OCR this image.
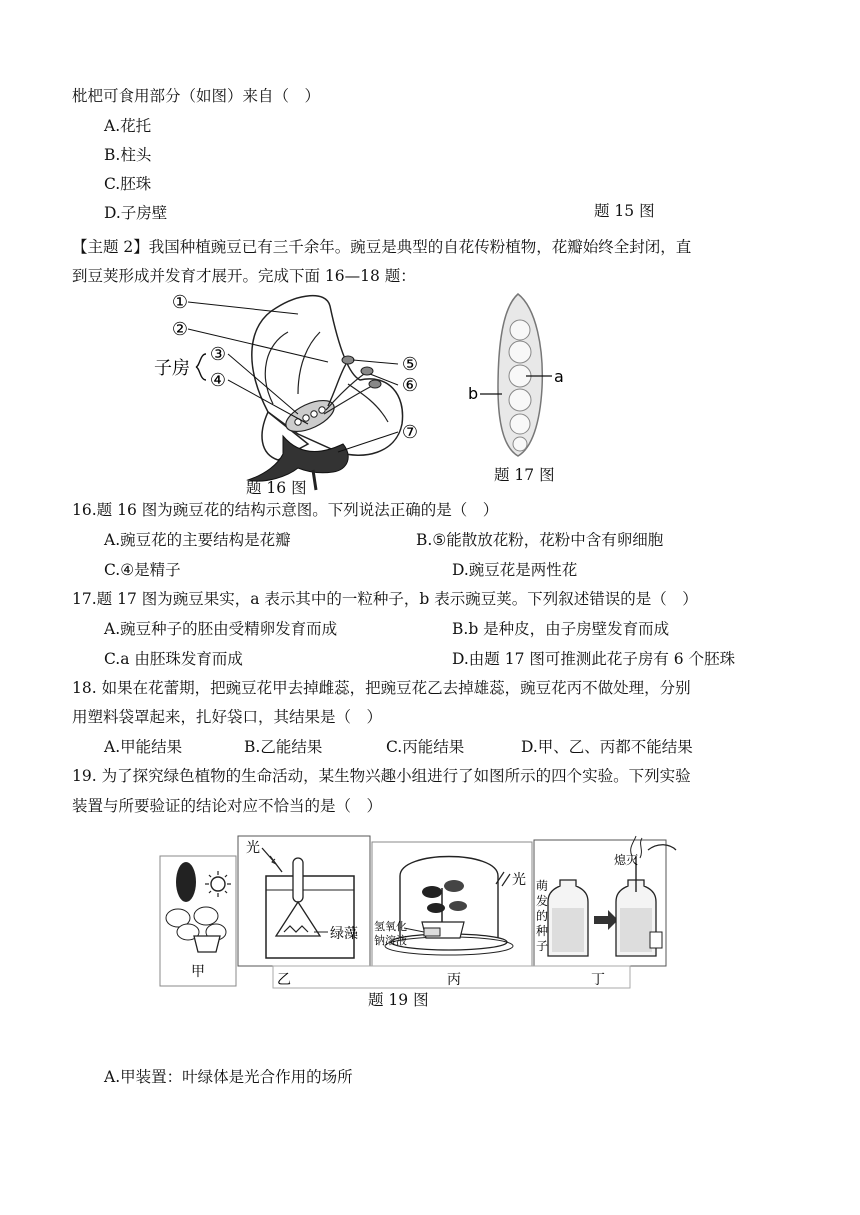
枇杷可食用部分（如图）来自（　）
A.花托
B.柱头
C.胚珠
D.子房壁	题 15 图
【主题 2】我国种植豌豆已有三千余年。豌豆是典型的自花传粉植物，花瓣始终全封闭，直
到豆荚形成并发育才展开。完成下面 16—18 题：
①
②
③
④
⑤
⑥
⑦
子房
题 16 图
a
b
题 17 图
16.题 16 图为豌豆花的结构示意图。下列说法正确的是（　）
A.豌豆花的主要结构是花瓣	B.⑤能散放花粉，花粉中含有卵细胞
C.④是精子	D.豌豆花是两性花
17.题 17 图为豌豆果实，a 表示其中的一粒种子，b 表示豌豆荚。下列叙述错误的是（　）
A.豌豆种子的胚由受精卵发育而成	B.b 是种皮，由子房壁发育而成
C.a 由胚珠发育而成	D.由题 17 图可推测此花子房有 6 个胚珠
18. 如果在花蕾期，把豌豆花甲去掉雌蕊，把豌豆花乙去掉雄蕊，豌豆花丙不做处理，分别
用塑料袋罩起来，扎好袋口，其结果是（　）
A.甲能结果	B.乙能结果	C.丙能结果	D.甲、乙、丙都不能结果
19. 为了探究绿色植物的生命活动，某生物兴趣小组进行了如图所示的四个实验。下列实验
装置与所要验证的结论对应不恰当的是（　）
甲
光
绿藻
乙
光
氢氧化
钠溶液
丙
萌
发
的
种
子
熄灭
丁
题 19 图
A.甲装置：叶绿体是光合作用的场所
